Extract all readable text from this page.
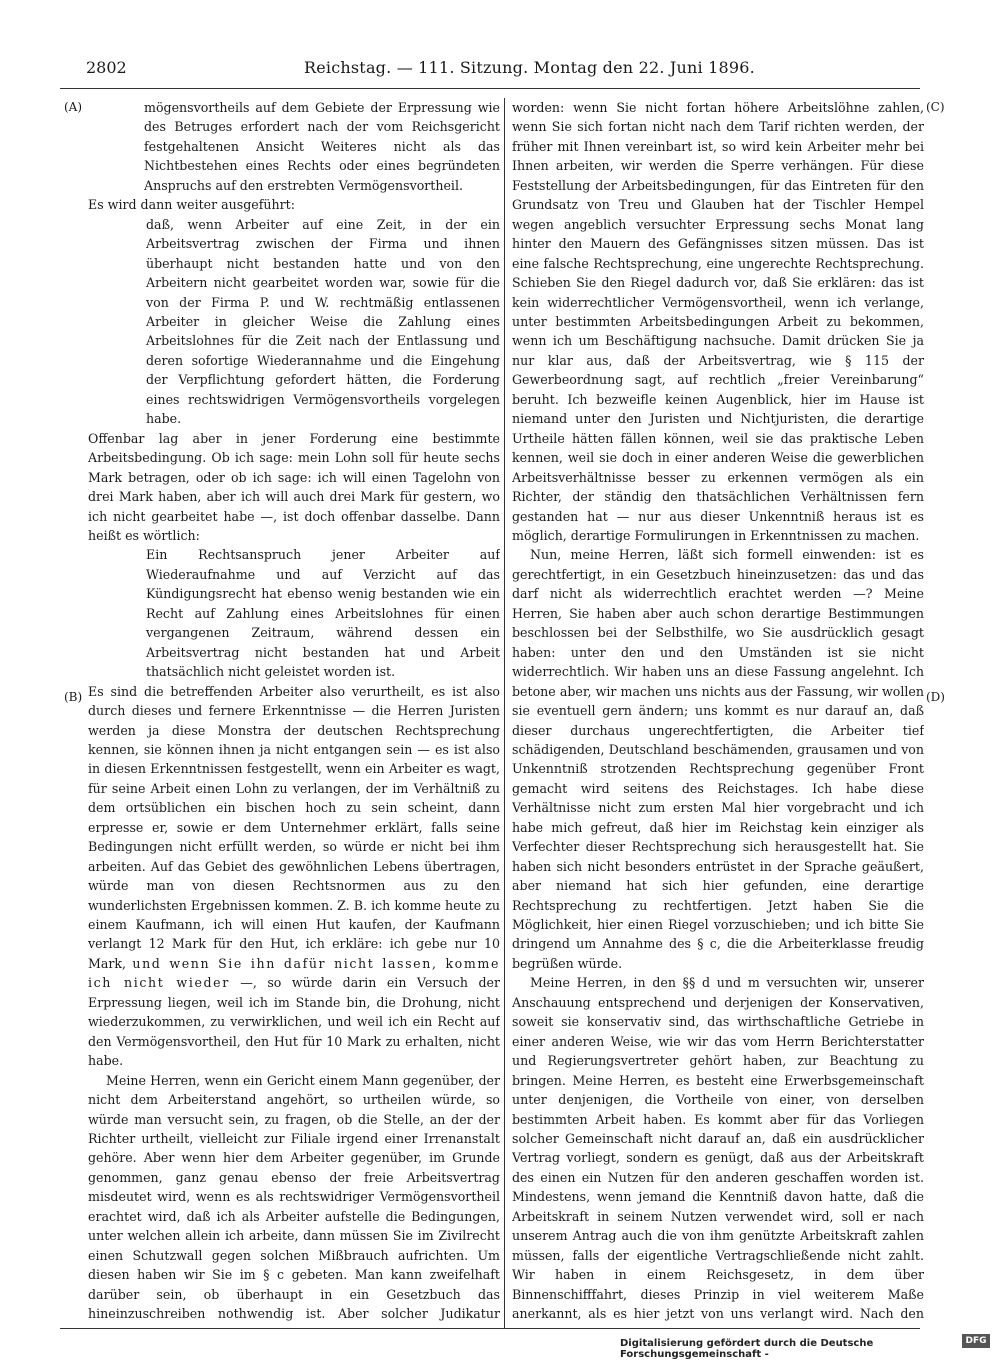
2802	Reichstag. — 111. Sitzung. Montag den 22. Juni 1896.
(A)
(B)
(C)
(D)

mögensvortheils auf dem Gebiete der Erpressung wie des Betruges erfordert nach der vom Reichsgericht festgehaltenen Ansicht Weiteres nicht als das Nichtbestehen eines Rechts oder eines begründeten Anspruchs auf den erstrebten Vermögensvortheil.

Es wird dann weiter ausgeführt:

daß, wenn Arbeiter auf eine Zeit, in der ein Arbeitsvertrag zwischen der Firma und ihnen überhaupt nicht bestanden hatte und von den Arbeitern nicht gearbeitet worden war, sowie für die von der Firma P. und W. rechtmäßig entlassenen Arbeiter in gleicher Weise die Zahlung eines Arbeitslohnes für die Zeit nach der Entlassung und deren sofortige Wiederannahme und die Eingehung der Verpflichtung gefordert hätten, die Forderung eines rechtswidrigen Vermögensvortheils vorgelegen habe.

Offenbar lag aber in jener Forderung eine bestimmte Arbeitsbedingung. Ob ich sage: mein Lohn soll für heute sechs Mark betragen, oder ob ich sage: ich will einen Tagelohn von drei Mark haben, aber ich will auch drei Mark für gestern, wo ich nicht gearbeitet habe —, ist doch offenbar dasselbe. Dann heißt es wörtlich:

Ein Rechtsanspruch jener Arbeiter auf Wiederaufnahme und auf Verzicht auf das Kündigungsrecht hat ebenso wenig bestanden wie ein Recht auf Zahlung eines Arbeitslohnes für einen vergangenen Zeitraum, während dessen ein Arbeitsvertrag nicht bestanden hat und Arbeit thatsächlich nicht geleistet worden ist.

Es sind die betreffenden Arbeiter also verurtheilt, es ist also durch dieses und fernere Erkenntnisse — die Herren Juristen werden ja diese Monstra der deutschen Rechtsprechung kennen, sie können ihnen ja nicht entgangen sein — es ist also in diesen Erkenntnissen festgestellt, wenn ein Arbeiter es wagt, für seine Arbeit einen Lohn zu verlangen, der im Verhältniß zu dem ortsüblichen ein bischen hoch zu sein scheint, dann erpresse er, sowie er dem Unternehmer erklärt, falls seine Bedingungen nicht erfüllt werden, so würde er nicht bei ihm arbeiten. Auf das Gebiet des gewöhnlichen Lebens übertragen, würde man von diesen Rechtsnormen aus zu den wunderlichsten Ergebnissen kommen. Z. B. ich komme heute zu einem Kaufmann, ich will einen Hut kaufen, der Kaufmann verlangt 12 Mark für den Hut, ich erkläre: ich gebe nur 10 Mark, und wenn Sie ihn dafür nicht lassen, komme ich nicht wieder —, so würde darin ein Versuch der Erpressung liegen, weil ich im Stande bin, die Drohung, nicht wiederzukommen, zu verwirklichen, und weil ich ein Recht auf den Vermögensvortheil, den Hut für 10 Mark zu erhalten, nicht habe.

Meine Herren, wenn ein Gericht einem Mann gegenüber, der nicht dem Arbeiterstand angehört, so urtheilen würde, so würde man versucht sein, zu fragen, ob die Stelle, an der der Richter urtheilt, vielleicht zur Filiale irgend einer Irrenanstalt gehöre. Aber wenn hier dem Arbeiter gegenüber, im Grunde genommen, ganz genau ebenso der freie Arbeitsvertrag misdeutet wird, wenn es als rechtswidriger Vermögensvortheil erachtet wird, daß ich als Arbeiter aufstelle die Bedingungen, unter welchen allein ich arbeite, dann müssen Sie im Zivilrecht einen Schutzwall gegen solchen Mißbrauch aufrichten. Um diesen haben wir Sie im § c gebeten. Man kann zweifelhaft darüber sein, ob überhaupt in ein Gesetzbuch das hineinzuschreiben nothwendig ist. Aber solcher Judikatur

worden: wenn Sie nicht fortan höhere Arbeitslöhne zahlen, wenn Sie sich fortan nicht nach dem Tarif richten werden, der früher mit Ihnen vereinbart ist, so wird kein Arbeiter mehr bei Ihnen arbeiten, wir werden die Sperre verhängen. Für diese Feststellung der Arbeitsbedingungen, für das Eintreten für den Grundsatz von Treu und Glauben hat der Tischler Hempel wegen angeblich versuchter Erpressung sechs Monat lang hinter den Mauern des Gefängnisses sitzen müssen. Das ist eine falsche Rechtsprechung, eine ungerechte Rechtsprechung. Schieben Sie den Riegel dadurch vor, daß Sie erklären: das ist kein widerrechtlicher Vermögensvortheil, wenn ich verlange, unter bestimmten Arbeitsbedingungen Arbeit zu bekommen, wenn ich um Beschäftigung nachsuche. Damit drücken Sie ja nur klar aus, daß der Arbeitsvertrag, wie § 115 der Gewerbeordnung sagt, auf rechtlich „freier Vereinbarung“ beruht. Ich bezweifle keinen Augenblick, hier im Hause ist niemand unter den Juristen und Nichtjuristen, die derartige Urtheile hätten fällen können, weil sie das praktische Leben kennen, weil sie doch in einer anderen Weise die gewerblichen Arbeitsverhältnisse besser zu erkennen vermögen als ein Richter, der ständig den thatsächlichen Verhältnissen fern gestanden hat — nur aus dieser Unkenntniß heraus ist es möglich, derartige Formulirungen in Erkenntnissen zu machen.

Nun, meine Herren, läßt sich formell einwenden: ist es gerechtfertigt, in ein Gesetzbuch hineinzusetzen: das und das darf nicht als widerrechtlich erachtet werden —? Meine Herren, Sie haben aber auch schon derartige Bestimmungen beschlossen bei der Selbsthilfe, wo Sie ausdrücklich gesagt haben: unter den und den Umständen ist sie nicht widerrechtlich. Wir haben uns an diese Fassung angelehnt. Ich betone aber, wir machen uns nichts aus der Fassung, wir wollen sie eventuell gern ändern; uns kommt es nur darauf an, daß dieser durchaus ungerechtfertigten, die Arbeiter tief schädigenden, Deutschland beschämenden, grausamen und von Unkenntniß strotzenden Rechtsprechung gegenüber Front gemacht wird seitens des Reichstages. Ich habe diese Verhältnisse nicht zum ersten Mal hier vorgebracht und ich habe mich gefreut, daß hier im Reichstag kein einziger als Verfechter dieser Rechtsprechung sich herausgestellt hat. Sie haben sich nicht besonders entrüstet in der Sprache geäußert, aber niemand hat sich hier gefunden, eine derartige Rechtsprechung zu rechtfertigen. Jetzt haben Sie die Möglichkeit, hier einen Riegel vorzuschieben; und ich bitte Sie dringend um Annahme des § c, die die Arbeiterklasse freudig begrüßen würde.

Meine Herren, in den §§ d und m versuchten wir, unserer Anschauung entsprechend und derjenigen der Konservativen, soweit sie konservativ sind, das wirthschaftliche Getriebe in einer anderen Weise, wie wir das vom Herrn Berichterstatter und Regierungsvertreter gehört haben, zur Beachtung zu bringen. Meine Herren, es besteht eine Erwerbsgemeinschaft unter denjenigen, die Vortheile von einer, von derselben bestimmten Arbeit haben. Es kommt aber für das Vorliegen solcher Gemeinschaft nicht darauf an, daß ein ausdrücklicher Vertrag vorliegt, sondern es genügt, daß aus der Arbeitskraft des einen ein Nutzen für den anderen geschaffen worden ist. Mindestens, wenn jemand die Kenntniß davon hatte, daß die Arbeitskraft in seinem Nutzen verwendet wird, soll er nach unserem Antrag auch die von ihm genützte Arbeitskraft zahlen müssen, falls der eigentliche Vertragschließende nicht zahlt. Wir haben in einem Reichsgesetz, in dem über Binnenschifffahrt, dieses Prinzip in viel weiterem Maße anerkannt, als es hier jetzt von uns verlangt wird. Nach den

Digitalisierung gefördert durch die Deutsche Forschungsgemeinschaft -
DFG
